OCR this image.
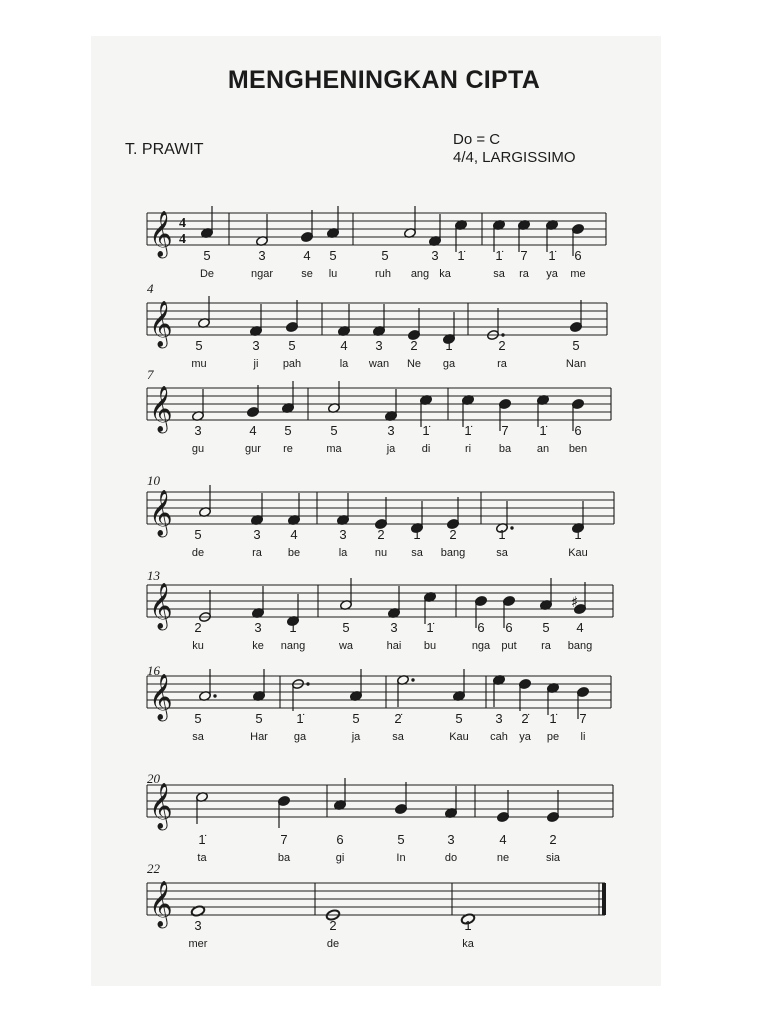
𝄞 4
4
5	3	4 5	5	3 1̇ 1̇ 7 1̇ 6
De	ngar	se lu	ruh ang ka	sa ra ya me
𝄞
4
5	3 5	4 3 2 1	2	5
mu	ji pah	la wan Ne ga	ra	Nan
𝄞
7
3	4 5	5	3 1̇	1̇ 7 1̇ 6
gu	gur re	ma	ja di	ri	ba an ben
𝄞
10
5	3 4	3 2 1 2	1	1
de	ra be	la	nu sa bang	sa	Kau
𝄞
13
♯
2	3 1	5	3 1̇	6 6 5 4
ku	ke nang	wa	hai bu	nga put ra bang
𝄞
16
5	5	1̇	5	2̇	5	3 2̇ 1̇ 7
sa	Har ga	ja	sa	Kau cah ya pe li
𝄞
20
1̇	7	6	5	3	4	2
ta	ba	gi	In	do	ne	sia
𝄞
22
3	2	1
mer	de	ka
MENGHENINGKAN CIPTA
T. PRAWIT
Do = C
4/4, LARGISSIMO
